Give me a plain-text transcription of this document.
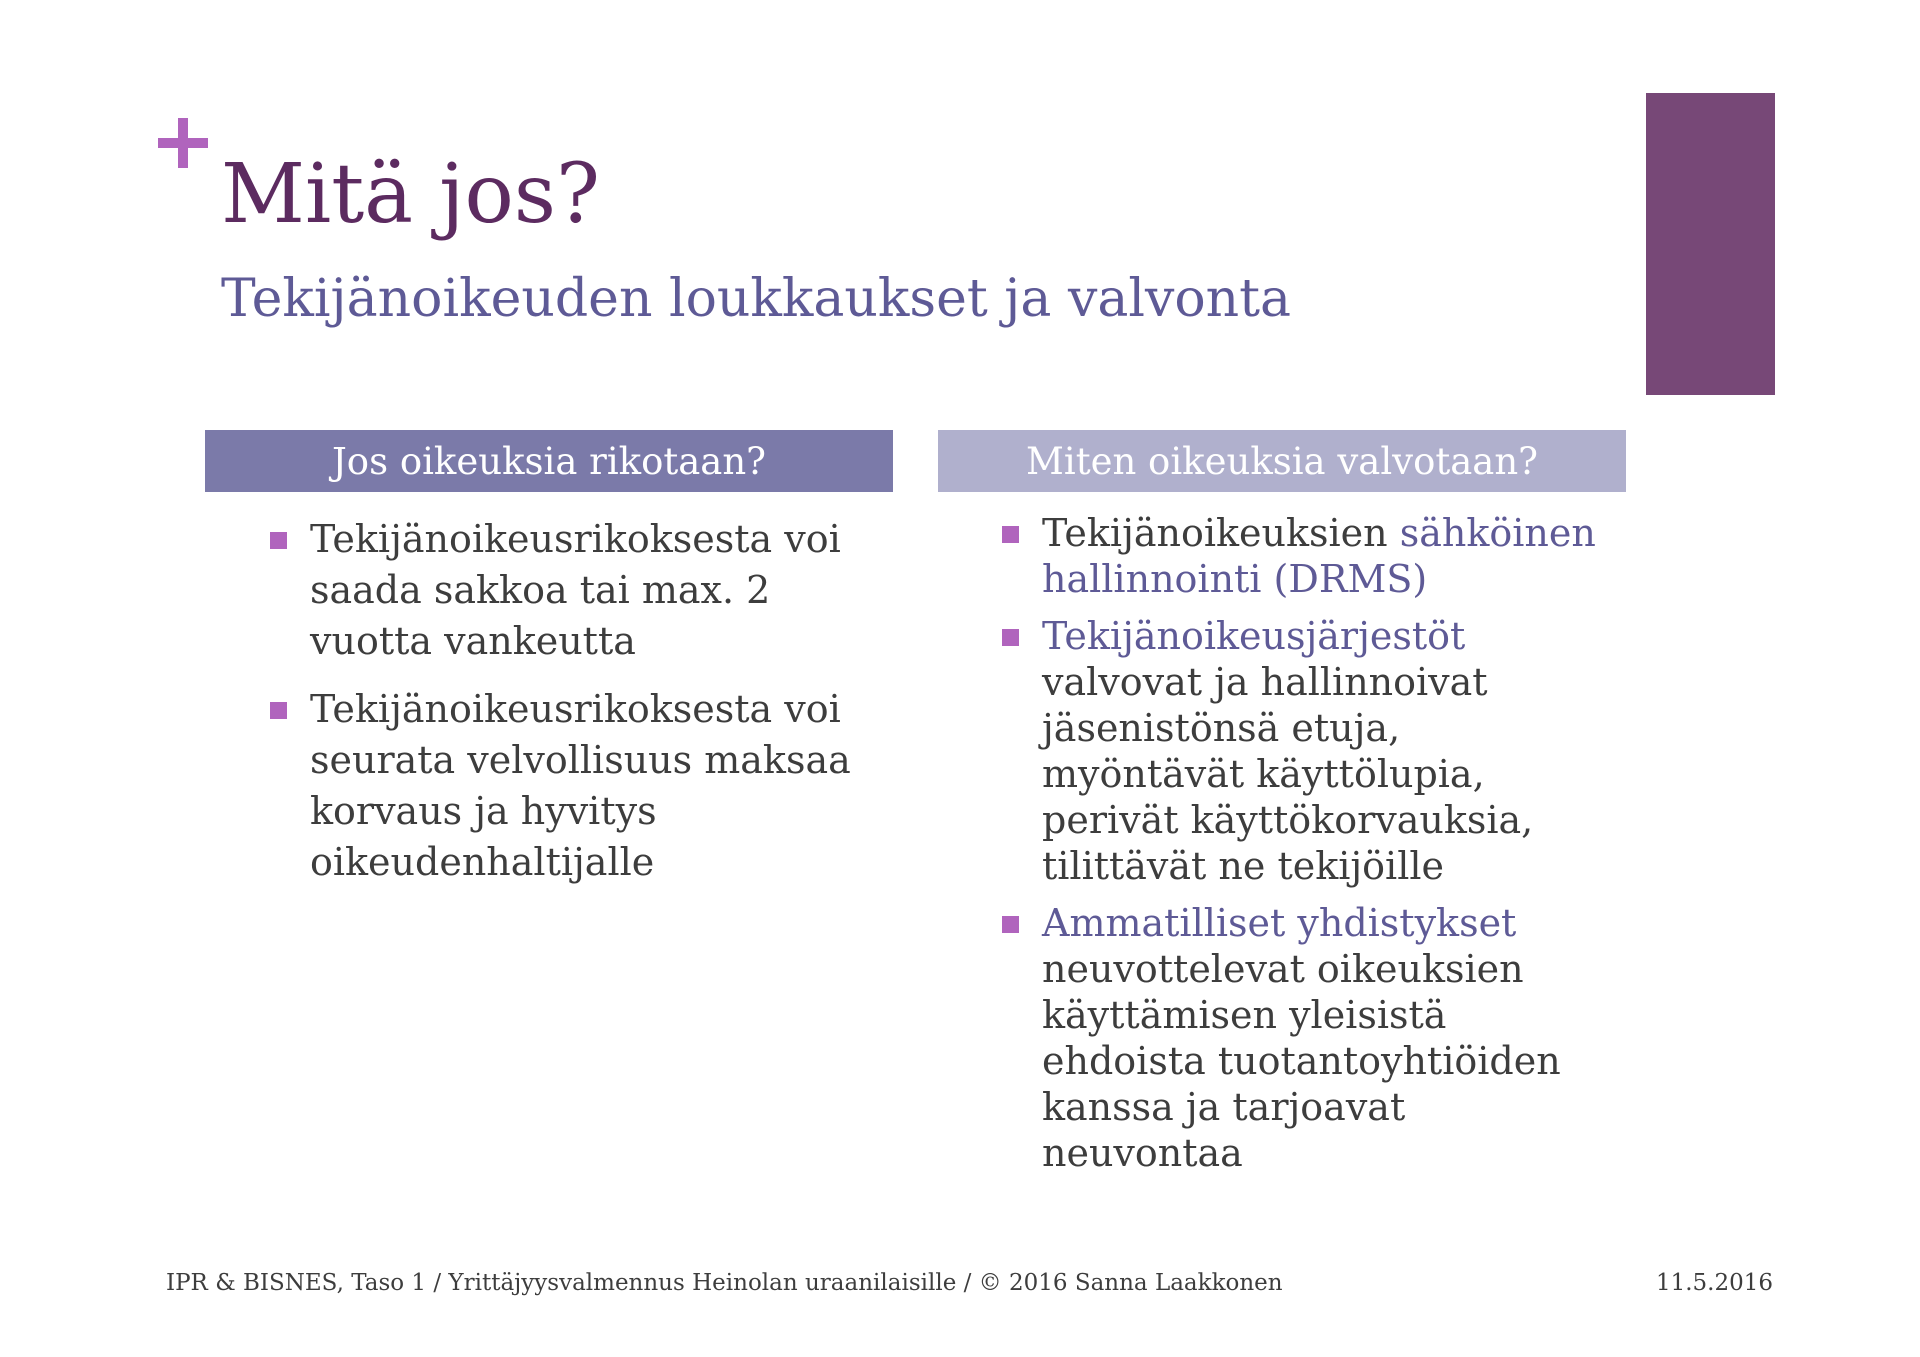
Mitä jos?
Tekijänoikeuden loukkaukset ja valvonta
Jos oikeuksia rikotaan?	Miten oikeuksia valvotaan?
Tekijänoikeusrikoksesta voi saada sakkoa tai max. 2 vuotta vankeutta
Tekijänoikeusrikoksesta voi seurata velvollisuus maksaa korvaus ja hyvitys oikeudenhaltijalle
Tekijänoikeuksien sähköinen hallinnointi (DRMS)
Tekijänoikeusjärjestöt valvovat ja hallinnoivat jäsenistönsä etuja, myöntävät käyttölupia, perivät käyttökorvauksia, tilittävät ne tekijöille
Ammatilliset yhdistykset neuvottelevat oikeuksien käyttämisen yleisistä ehdoista tuotantoyhtiöiden kanssa ja tarjoavat neuvontaa
IPR & BISNES, Taso 1 / Yrittäjyysvalmennus Heinolan uraanilaisille / © 2016 Sanna Laakkonen	11.5.2016
